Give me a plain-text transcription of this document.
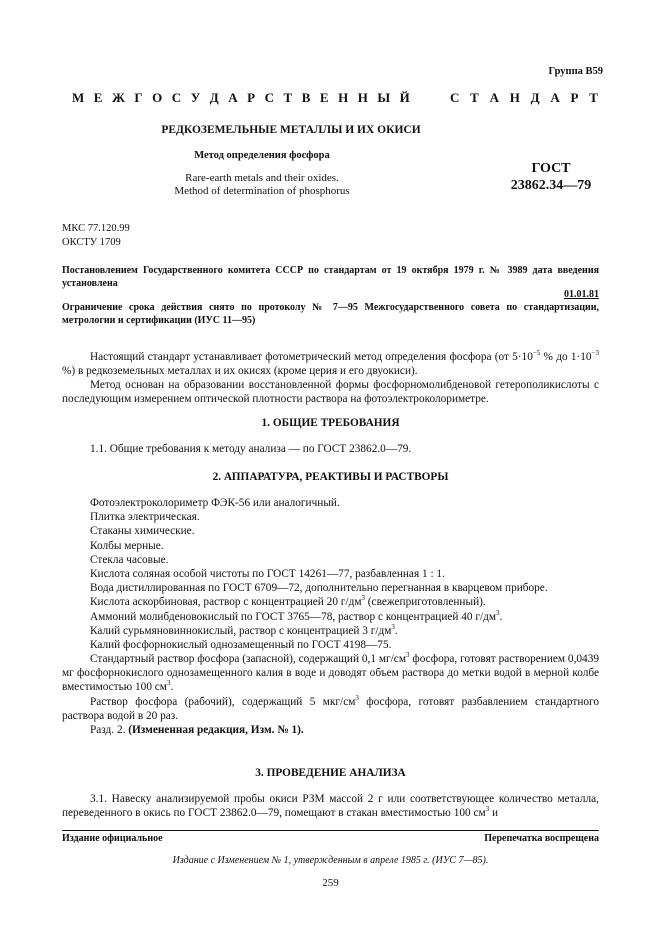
Группа В59
М Е Ж Г О С У Д А Р С Т В Е Н Н Ы Й	С Т А Н Д А Р Т
РЕДКОЗЕМЕЛЬНЫЕ МЕТАЛЛЫ И ИХ ОКИСИ
Метод определения фосфора
Rare-earth metals and their oxides.
Method of determination of phosphorus
ГОСТ
23862.34—79
МКС 77.120.99
ОКСТУ 1709
Постановлением Государственного комитета СССР по стандартам от 19 октября 1979 г. № 3989 дата введения установлена
01.01.81
Ограничение срока действия снято по протоколу № 7—95 Межгосударственного совета по стандартизации, метрологии и сертификации (ИУС 11—95)

Настоящий стандарт устанавливает фотометрический метод определения фосфора (от $5\cdot 10^{-5}$ % до $1\cdot 10^{-3}$ %) в редкоземельных металлах и их окисях (кроме церия и его двуокиси).

Метод основан на образовании восстановленной формы фосфорномолибденовой гетерополикислоты с последующим измерением оптической плотности раствора на фотоэлектроколориметре.

1. ОБЩИЕ ТРЕБОВАНИЯ

1.1. Общие требования к методу анализа — по ГОСТ 23862.0—79.

2. АППАРАТУРА, РЕАКТИВЫ И РАСТВОРЫ
Фотоэлектроколориметр ФЭК-56 или аналогичный.
Плитка электрическая.
Стаканы химические.
Колбы мерные.
Стекла часовые.
Кислота соляная особой чистоты по ГОСТ 14261—77, разбавленная 1 : 1.
Вода дистиллированная по ГОСТ 6709—72, дополнительно перегнанная в кварцевом приборе.
Кислота аскорбиновая, раствор с концентрацией 20 $г/дм^3$ (свежеприготовленный).
Аммоний молибденовокислый по ГОСТ 3765—78, раствор с концентрацией 40 $г/дм^3$.
Калий сурьмяновиннокислый, раствор с концентрацией 3 $г/дм^3$.
Калий фосфорнокислый однозамещенный по ГОСТ 4198—75.

Стандартный раствор фосфора (запасной), содержащий 0,1 $мг/см^3$ фосфора, готовят растворением 0,0439 мг фосфорнокислого однозамещенного калия в воде и доводят объем раствора до метки водой в мерной колбе вместимостью 100 $см^3$.

Раствор фосфора (рабочий), содержащий 5 мкг/$см^3$ фосфора, готовят разбавлением стандартного раствора водой в 20 раз.

Разд. 2. (Измененная редакция, Изм. № 1).

3. ПРОВЕДЕНИЕ АНАЛИЗА

3.1. Навеску анализируемой пробы окиси РЗМ массой 2 г или соответствующее количество металла, переведенного в окись по ГОСТ 23862.0—79, помещают в стакан вместимостью 100 $см^3$ и

Издание официальное	Перепечатка воспрещена
Издание с Изменением № 1, утвержденным в апреле 1985 г. (ИУС 7—85).
259
